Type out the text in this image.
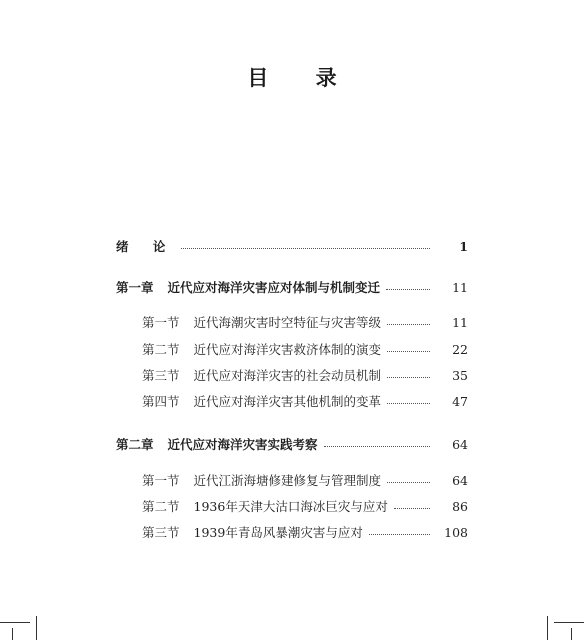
目 录
绪 论	1
第一章 近代应对海洋灾害应对体制与机制变迁	11
第一节 近代海潮灾害时空特征与灾害等级	11
第二节 近代应对海洋灾害救济体制的演变	22
第三节 近代应对海洋灾害的社会动员机制	35
第四节 近代应对海洋灾害其他机制的变革	47
第二章 近代应对海洋灾害实践考察	64
第一节 近代江浙海塘修建修复与管理制度	64
第二节 1936年天津大沽口海冰巨灾与应对	86
第三节 1939年青岛风暴潮灾害与应对	108
